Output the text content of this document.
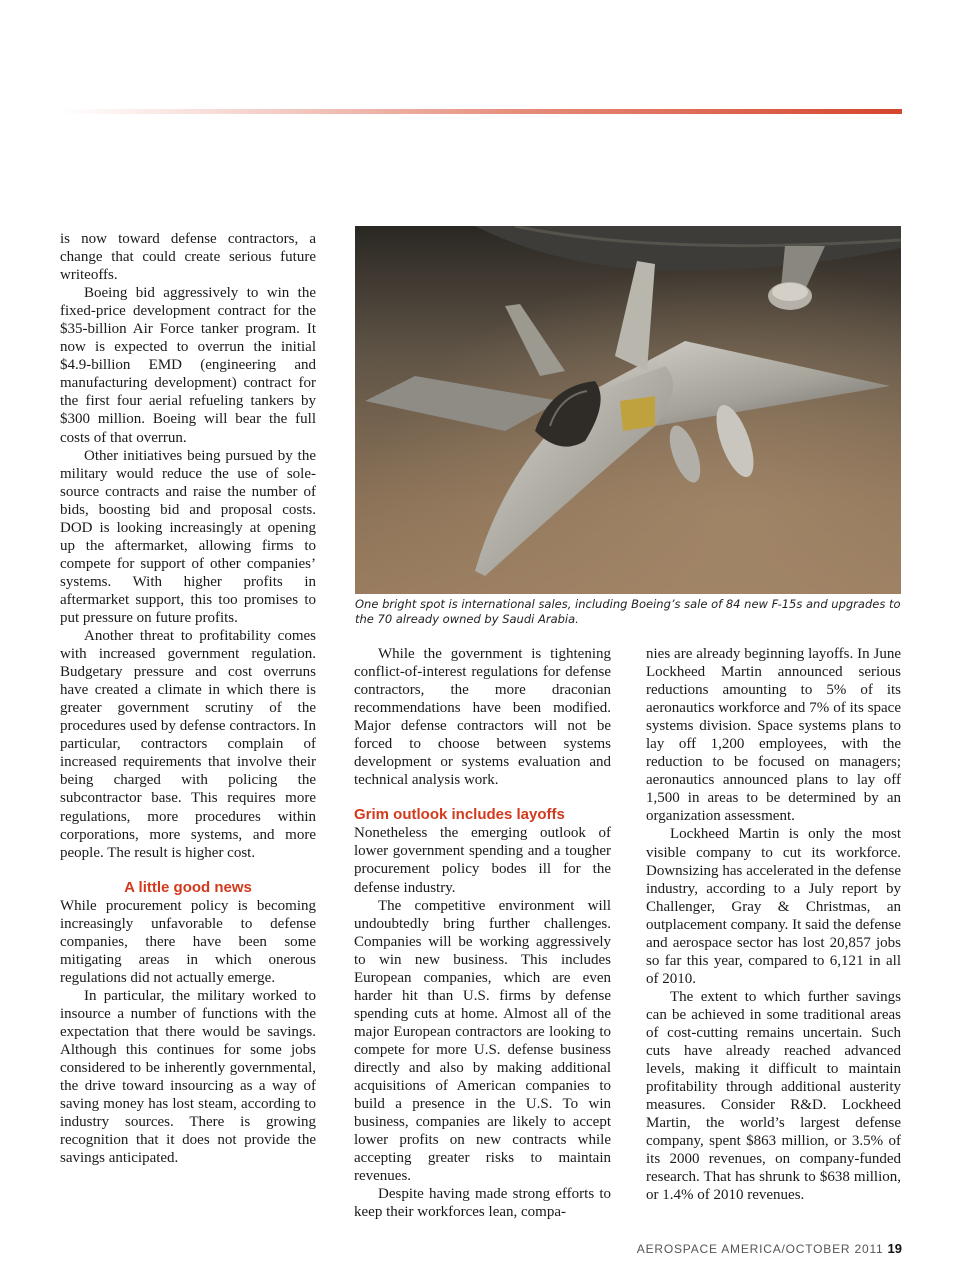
is now toward defense contractors, a change that could create serious future writeoffs.

Boeing bid aggressively to win the fixed-price development contract for the $35-billion Air Force tanker program. It now is expected to overrun the initial $4.9-billion EMD (engineering and manufacturing development) contract for the first four aerial refueling tankers by $300 million. Boeing will bear the full costs of that overrun.

Other initiatives being pursued by the military would reduce the use of sole-source contracts and raise the number of bids, boosting bid and proposal costs. DOD is looking increasingly at opening up the aftermarket, allowing firms to compete for support of other companies’ systems. With higher profits in aftermarket support, this too promises to put pressure on future profits.

Another threat to profitability comes with increased government regulation. Budgetary pressure and cost overruns have created a climate in which there is greater government scrutiny of the procedures used by defense contractors. In particular, contractors complain of increased requirements that involve their being charged with policing the subcontractor base. This requires more regulations, more procedures within corporations, more systems, and more people. The result is higher cost.

A little good news

While procurement policy is becoming increasingly unfavorable to defense companies, there have been some mitigating areas in which onerous regulations did not actually emerge.

In particular, the military worked to insource a number of functions with the expectation that there would be savings. Although this continues for some jobs considered to be inherently governmental, the drive toward insourcing as a way of saving money has lost steam, according to industry sources. There is growing recognition that it does not provide the savings anticipated.

One bright spot is international sales, including Boeing’s sale of 84 new F-15s and upgrades to the 70 already owned by Saudi Arabia.

While the government is tightening conflict-of-interest regulations for defense contractors, the more draconian recommendations have been modified. Major defense contractors will not be forced to choose between systems development or systems evaluation and technical analysis work.

Grim outlook includes layoffs

Nonetheless the emerging outlook of lower government spending and a tougher procurement policy bodes ill for the defense industry.

The competitive environment will undoubtedly bring further challenges. Companies will be working aggressively to win new business. This includes European companies, which are even harder hit than U.S. firms by defense spending cuts at home. Almost all of the major European contractors are looking to compete for more U.S. defense business directly and also by making additional acquisitions of American companies to build a presence in the U.S. To win business, companies are likely to accept lower profits on new contracts while accepting greater risks to maintain revenues.

Despite having made strong efforts to keep their workforces lean, compa-

nies are already beginning layoffs. In June Lockheed Martin announced serious reductions amounting to 5% of its aeronautics workforce and 7% of its space systems division. Space systems plans to lay off 1,200 employees, with the reduction to be focused on managers; aeronautics announced plans to lay off 1,500 in areas to be determined by an organization assessment.

Lockheed Martin is only the most visible company to cut its workforce. Downsizing has accelerated in the defense industry, according to a July report by Challenger, Gray & Christmas, an outplacement company. It said the defense and aerospace sector has lost 20,857 jobs so far this year, compared to 6,121 in all of 2010.

The extent to which further savings can be achieved in some traditional areas of cost-cutting remains uncertain. Such cuts have already reached advanced levels, making it difficult to maintain profitability through additional austerity measures. Consider R&D. Lockheed Martin, the world’s largest defense company, spent $863 million, or 3.5% of its 2000 revenues, on company-funded research. That has shrunk to $638 million, or 1.4% of 2010 revenues.

AEROSPACE AMERICA/OCTOBER 2011 19
